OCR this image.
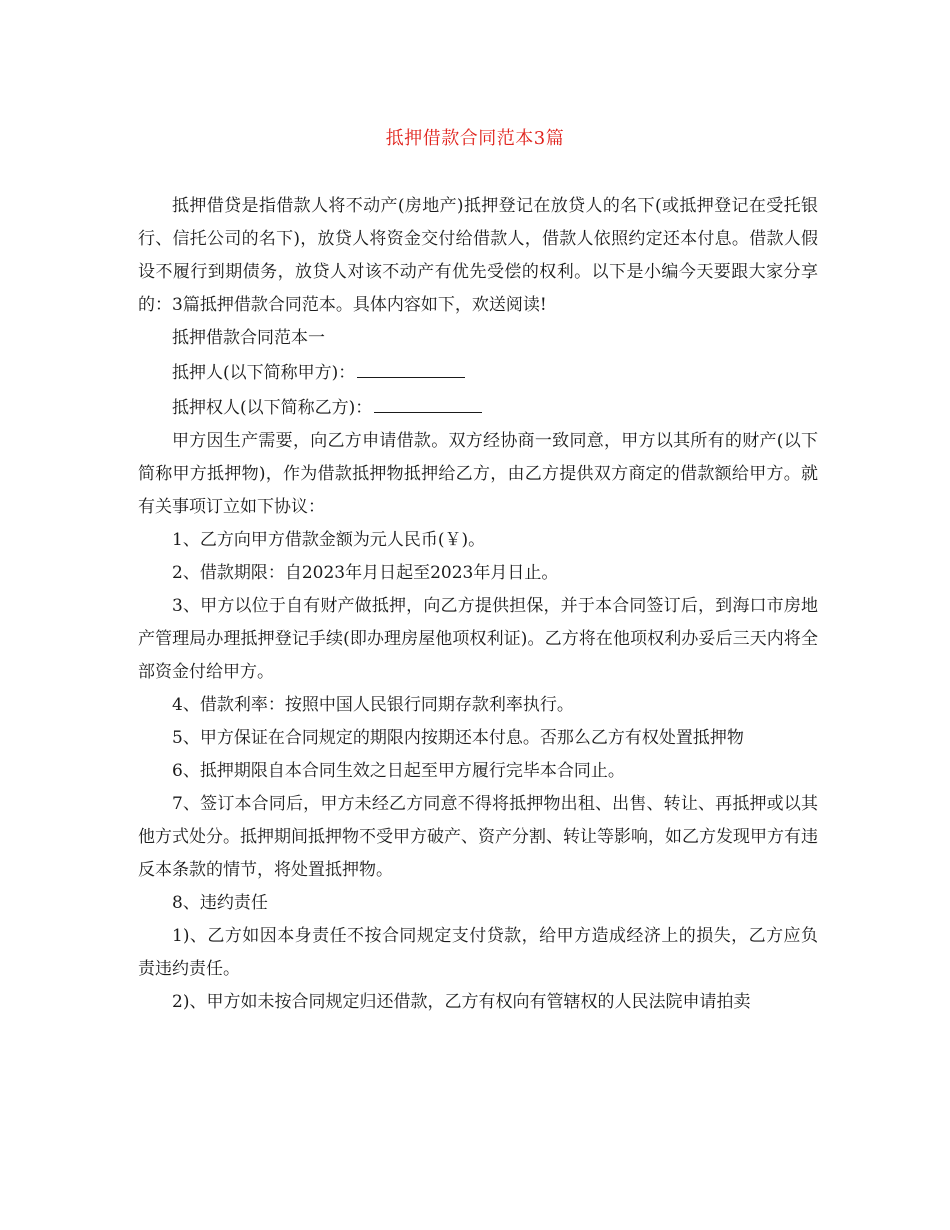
抵押借款合同范本3篇

抵押借贷是指借款人将不动产(房地产)抵押登记在放贷人的名下(或抵押登记在受托银行、信托公司的名下)，放贷人将资金交付给借款人，借款人依照约定还本付息。借款人假设不履行到期债务，放贷人对该不动产有优先受偿的权利。以下是小编今天要跟大家分享的：3篇抵押借款合同范本。具体内容如下，欢送阅读!

抵押借款合同范本一

抵押人(以下简称甲方)：

抵押权人(以下简称乙方)：

甲方因生产需要，向乙方申请借款。双方经协商一致同意，甲方以其所有的财产(以下简称甲方抵押物)，作为借款抵押物抵押给乙方，由乙方提供双方商定的借款额给甲方。就有关事项订立如下协议：

1、乙方向甲方借款金额为元人民币(￥)。

2、借款期限：自2023年月日起至2023年月日止。

3、甲方以位于自有财产做抵押，向乙方提供担保，并于本合同签订后，到海口市房地产管理局办理抵押登记手续(即办理房屋他项权利证)。乙方将在他项权利办妥后三天内将全部资金付给甲方。

4、借款利率：按照中国人民银行同期存款利率执行。

5、甲方保证在合同规定的期限内按期还本付息。否那么乙方有权处置抵押物

6、抵押期限自本合同生效之日起至甲方履行完毕本合同止。

7、签订本合同后，甲方未经乙方同意不得将抵押物出租、出售、转让、再抵押或以其他方式处分。抵押期间抵押物不受甲方破产、资产分割、转让等影响，如乙方发现甲方有违反本条款的情节，将处置抵押物。

8、违约责任

1)、乙方如因本身责任不按合同规定支付贷款，给甲方造成经济上的损失，乙方应负责违约责任。

2)、甲方如未按合同规定归还借款，乙方有权向有管辖权的人民法院申请拍卖
